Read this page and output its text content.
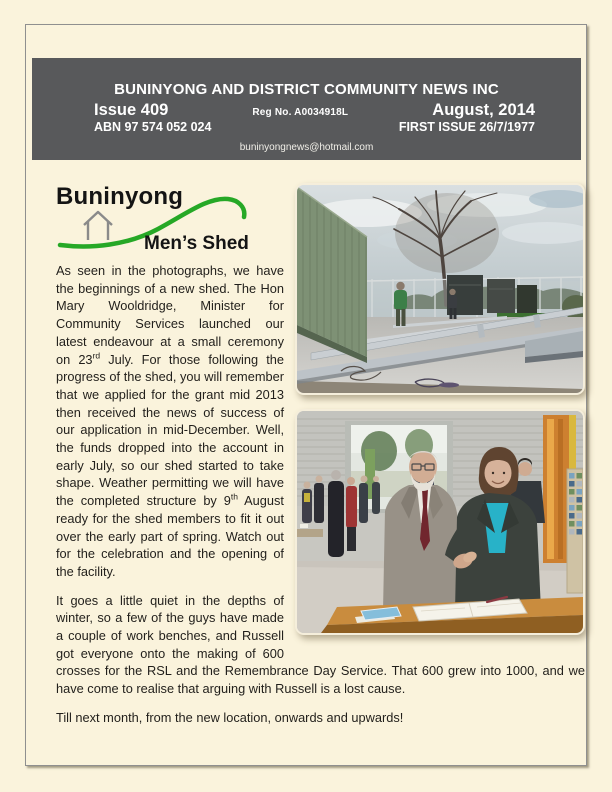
BUNINYONG AND DISTRICT COMMUNITY NEWS INC
Issue 409	Reg No. A0034918L	August, 2014
ABN 97 574 052 024	FIRST ISSUE 26/7/1977
buninyongnews@hotmail.com
Buninyong
Men’s Shed

As seen in the photographs, we have the beginnings of a new shed. The Hon Mary Wooldridge, Minister for Community Services launched our latest endeavour at a small ceremony on 23rd July. For those following the progress of the shed, you will remember that we applied for the grant mid 2013 then received the news of success of our application in mid-December. Well, the funds dropped into the account in early July, so our shed started to take shape. Weather permitting we will have the completed structure by 9th August ready for the shed members to fit it out over the early part of spring. Watch out for the celebration and the opening of the facility.

It goes a little quiet in the depths of winter, so a few of the guys have made a couple of work benches, and Russell got everyone onto the making of 600 crosses for the RSL and the Remembrance Day Service. That 600 grew into 1000, and we have come to realise that arguing with Russell is a lost cause.

Till next month, from the new location, onwards and upwards!
